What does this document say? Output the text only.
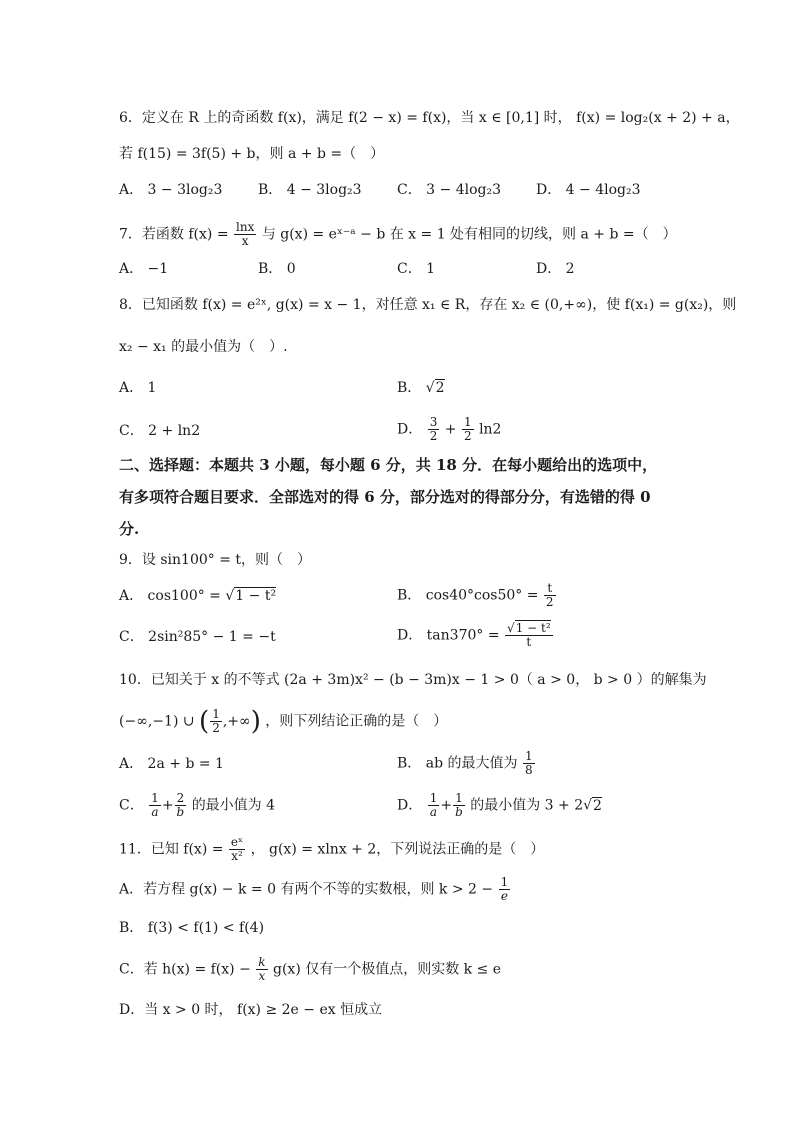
6．定义在 R 上的奇函数 f(x)，满足 f(2 − x) = f(x)，当 x ∈ [0,1] 时， f(x) = log₂(x + 2) + a，
若 f(15) = 3f(5) + b，则 a + b =（　）
A． 3 − 3log₂3	B． 4 − 3log₂3	C． 3 − 4log₂3	D． 4 − 4log₂3
7．若函数 $f(x) = \frac{\ln x}{x}$ 与 g(x) = eˣ⁻ᵃ − b 在 x = 1 处有相同的切线，则 a + b =（　）
A． −1	B． 0	C． 1	D． 2
8．已知函数 f(x) = e²ˣ, g(x) = x − 1，对任意 x₁ ∈ R，存在 x₂ ∈ (0,+∞)，使 f(x₁) = g(x₂)，则
x₂ − x₁ 的最小值为（　）.
A． 1	B． √2
C． 2 + ln2	D． $\frac{3}{2} + \frac{1}{2} \ln 2$
二、选择题：本题共 3 小题，每小题 6 分，共 18 分．在每小题给出的选项中，
有多项符合题目要求．全部选对的得 6 分，部分选对的得部分分，有选错的得 0
分.
9．设 sin100° = t，则（　）
A． cos100° = √1 − t²	B． $\cos 40^\circ\cos 50^\circ = \frac{t}{2}$
C． 2sin²85° − 1 = −t	D． $\tan 370^\circ = \frac{\text{√1 − t²}}{t}$
10．已知关于 x 的不等式 (2a + 3m)x² − (b − 3m)x − 1 > 0（ a > 0， b > 0 ）的解集为
(−∞,−1) ∪ ( $\frac{1}{2}$ ,+∞) ，则下列结论正确的是（　）
A． 2a + b = 1	B． ab 的最大值为 $\frac{1}{8}$
C． $\frac{1}{a} + \frac{2}{b}$ 的最小值为 4	D． $\frac{1}{a} + \frac{1}{b}$ 的最小值为 3 + 2√2
11．已知 $f(x) = \frac{\text{eˣ}}{\text{x²}}$ ， g(x) = xlnx + 2，下列说法正确的是（　）
A．若方程 g(x) − k = 0 有两个不等的实数根，则 $k > 2 - \frac{1}{e}$
B． f(3) < f(1) < f(4)
C．若 $h(x) = f(x) - \frac{k}{x} g(x)$ 仅有一个极值点，则实数 k ≤ e
D．当 x > 0 时， f(x) ≥ 2e − ex 恒成立
